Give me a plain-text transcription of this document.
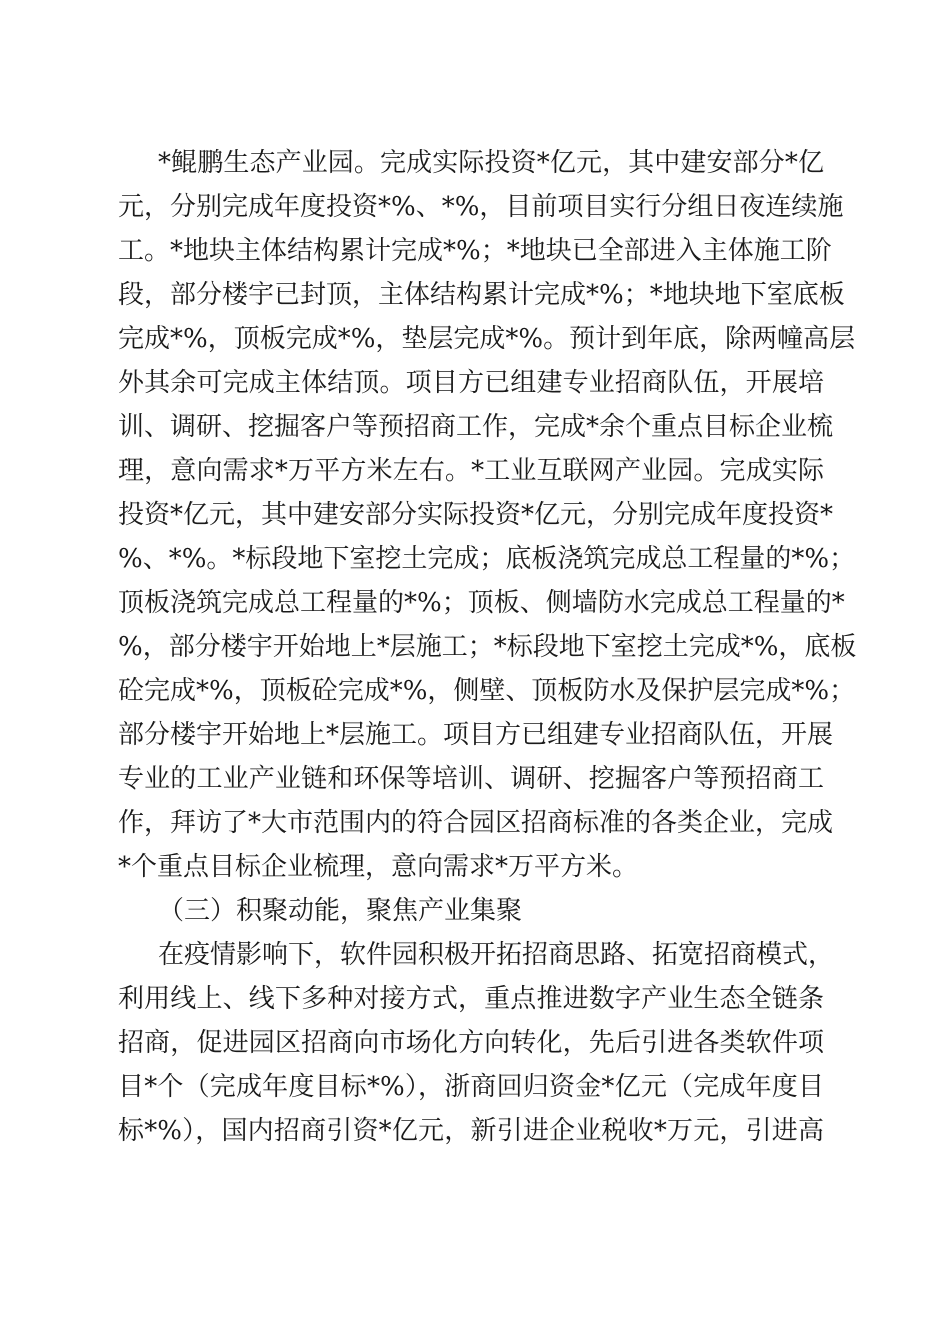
*鲲鹏生态产业园。完成实际投资*亿元，其中建安部分*亿
元，分别完成年度投资*%、*%，目前项目实行分组日夜连续施
工。*地块主体结构累计完成*%；*地块已全部进入主体施工阶
段，部分楼宇已封顶，主体结构累计完成*%；*地块地下室底板
完成*%，顶板完成*%，垫层完成*%。预计到年底，除两幢高层
外其余可完成主体结顶。项目方已组建专业招商队伍，开展培
训、调研、挖掘客户等预招商工作，完成*余个重点目标企业梳
理，意向需求*万平方米左右。*工业互联网产业园。完成实际
投资*亿元，其中建安部分实际投资*亿元，分别完成年度投资*
%、*%。*标段地下室挖土完成；底板浇筑完成总工程量的*%；
顶板浇筑完成总工程量的*%；顶板、侧墙防水完成总工程量的*
%，部分楼宇开始地上*层施工；*标段地下室挖土完成*%，底板
砼完成*%，顶板砼完成*%，侧壁、顶板防水及保护层完成*%；
部分楼宇开始地上*层施工。项目方已组建专业招商队伍，开展
专业的工业产业链和环保等培训、调研、挖掘客户等预招商工
作，拜访了*大市范围内的符合园区招商标准的各类企业，完成
*个重点目标企业梳理，意向需求*万平方米。
（三）积聚动能，聚焦产业集聚
在疫情影响下，软件园积极开拓招商思路、拓宽招商模式，
利用线上、线下多种对接方式，重点推进数字产业生态全链条
招商，促进园区招商向市场化方向转化，先后引进各类软件项
目*个（完成年度目标*%），浙商回归资金*亿元（完成年度目
标*%），国内招商引资*亿元，新引进企业税收*万元，引进高
